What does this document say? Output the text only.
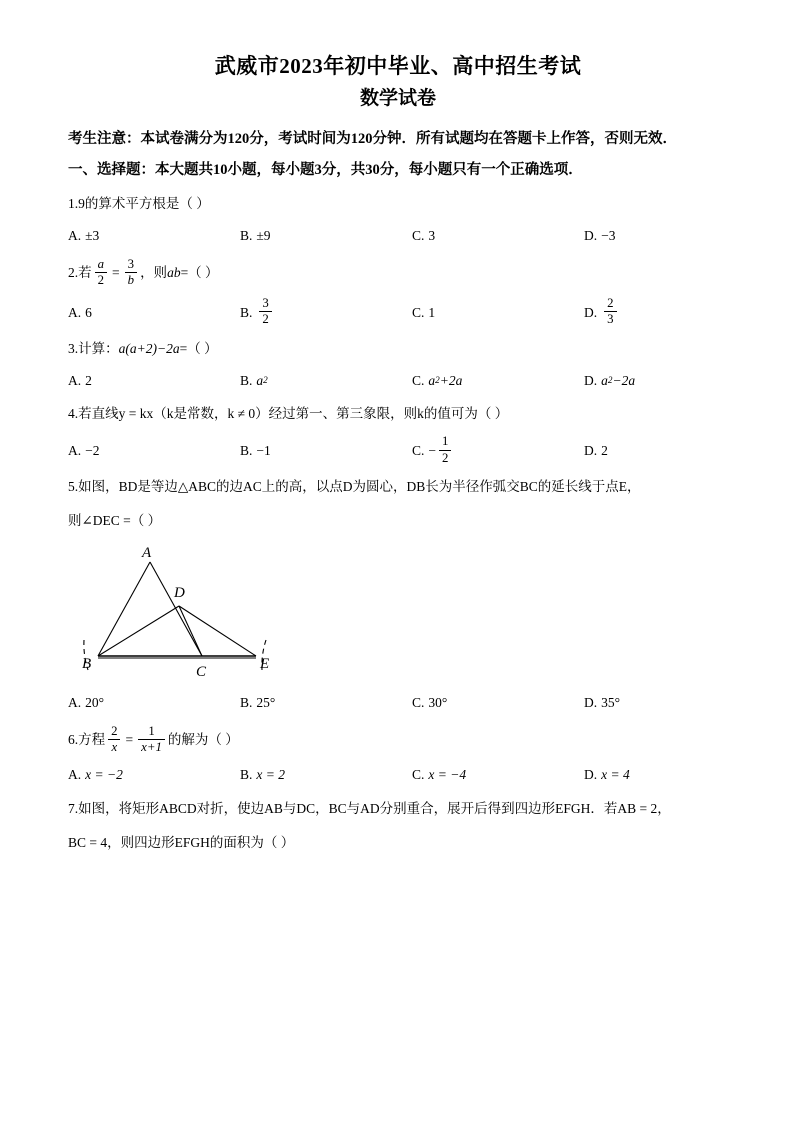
武威市2023年初中毕业、高中招生考试
数学试卷
考生注意：本试卷满分为120分，考试时间为120分钟．所有试题均在答题卡上作答，否则无效．
一、选择题：本大题共10小题，每小题3分，共30分，每小题只有一个正确选项．
1.9的算术平方根是（ ）
A. ±3	B. ±9	C. 3	D. −3
2.若 $\frac{a}{2} = \frac{3}{b}$ ，则ab=（ ）
A. 6	B. $\frac{3}{2}$	C. 1	D. $\frac{2}{3}$
3.计算：a(a+2)−2a=（ ）
A. 2	B. a 2	C. a 2 +2a	D. a 2 −2a
4.若直线y = kx（k是常数，k ≠ 0）经过第一、第三象限，则k的值可为（ ）
A. −2	B. −1	C. − $\frac{1}{2}$	D. 2
5.如图，BD是等边△ABC的边AC上的高，以点D为圆心，DB长为半径作弧交BC的延长线于点E，
则∠DEC =（ ）
A
D
B	C	E
A. 20°	B. 25°	C. 30°	D. 35°
6.方程 $\frac{2}{x} = \frac{1}{x+1}$ 的解为（ ）
A. x = −2	B. x = 2	C. x = −4	D. x = 4
7.如图，将矩形ABCD对折，使边AB与DC，BC与AD分别重合，展开后得到四边形EFGH．若AB = 2，
BC = 4，则四边形EFGH的面积为（ ）
